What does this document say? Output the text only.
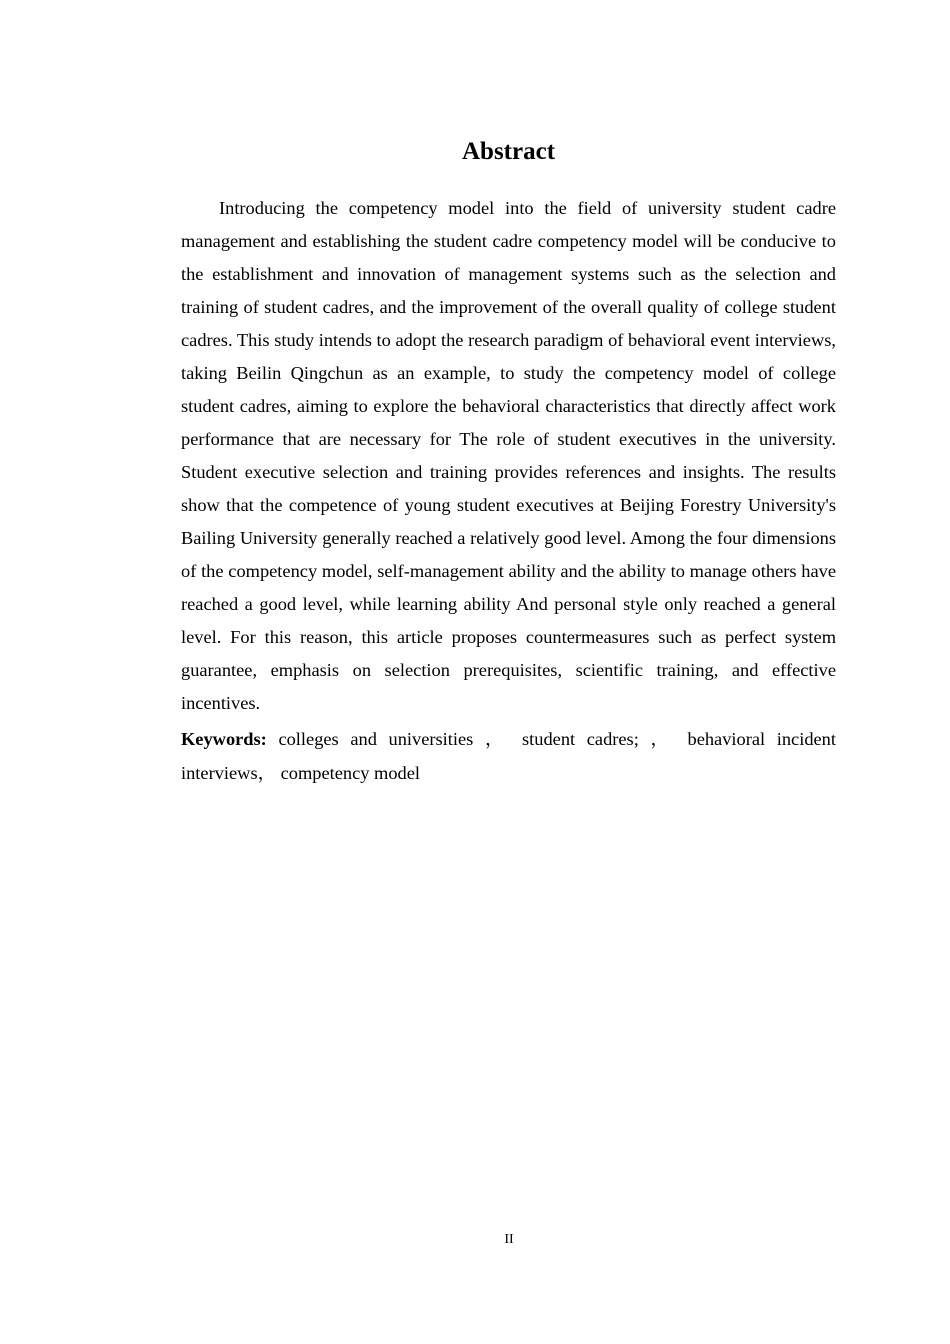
Abstract

Introducing the competency model into the field of university student cadre management and establishing the student cadre competency model will be conducive to the establishment and innovation of management systems such as the selection and training of student cadres, and the improvement of the overall quality of college student cadres. This study intends to adopt the research paradigm of behavioral event interviews, taking Beilin Qingchun as an example, to study the competency model of college student cadres, aiming to explore the behavioral characteristics that directly affect work performance that are necessary for The role of student executives in the university. Student executive selection and training provides references and insights. The results show that the competence of young student executives at Beijing Forestry University's Bailing University generally reached a relatively good level. Among the four dimensions of the competency model, self-management ability and the ability to manage others have reached a good level, while learning ability And personal style only reached a general level. For this reason, this article proposes countermeasures such as perfect system guarantee, emphasis on selection prerequisites, scientific training, and effective incentives.

Keywords: colleges and universities ， student cadres; ， behavioral incident interviews， competency model

II
